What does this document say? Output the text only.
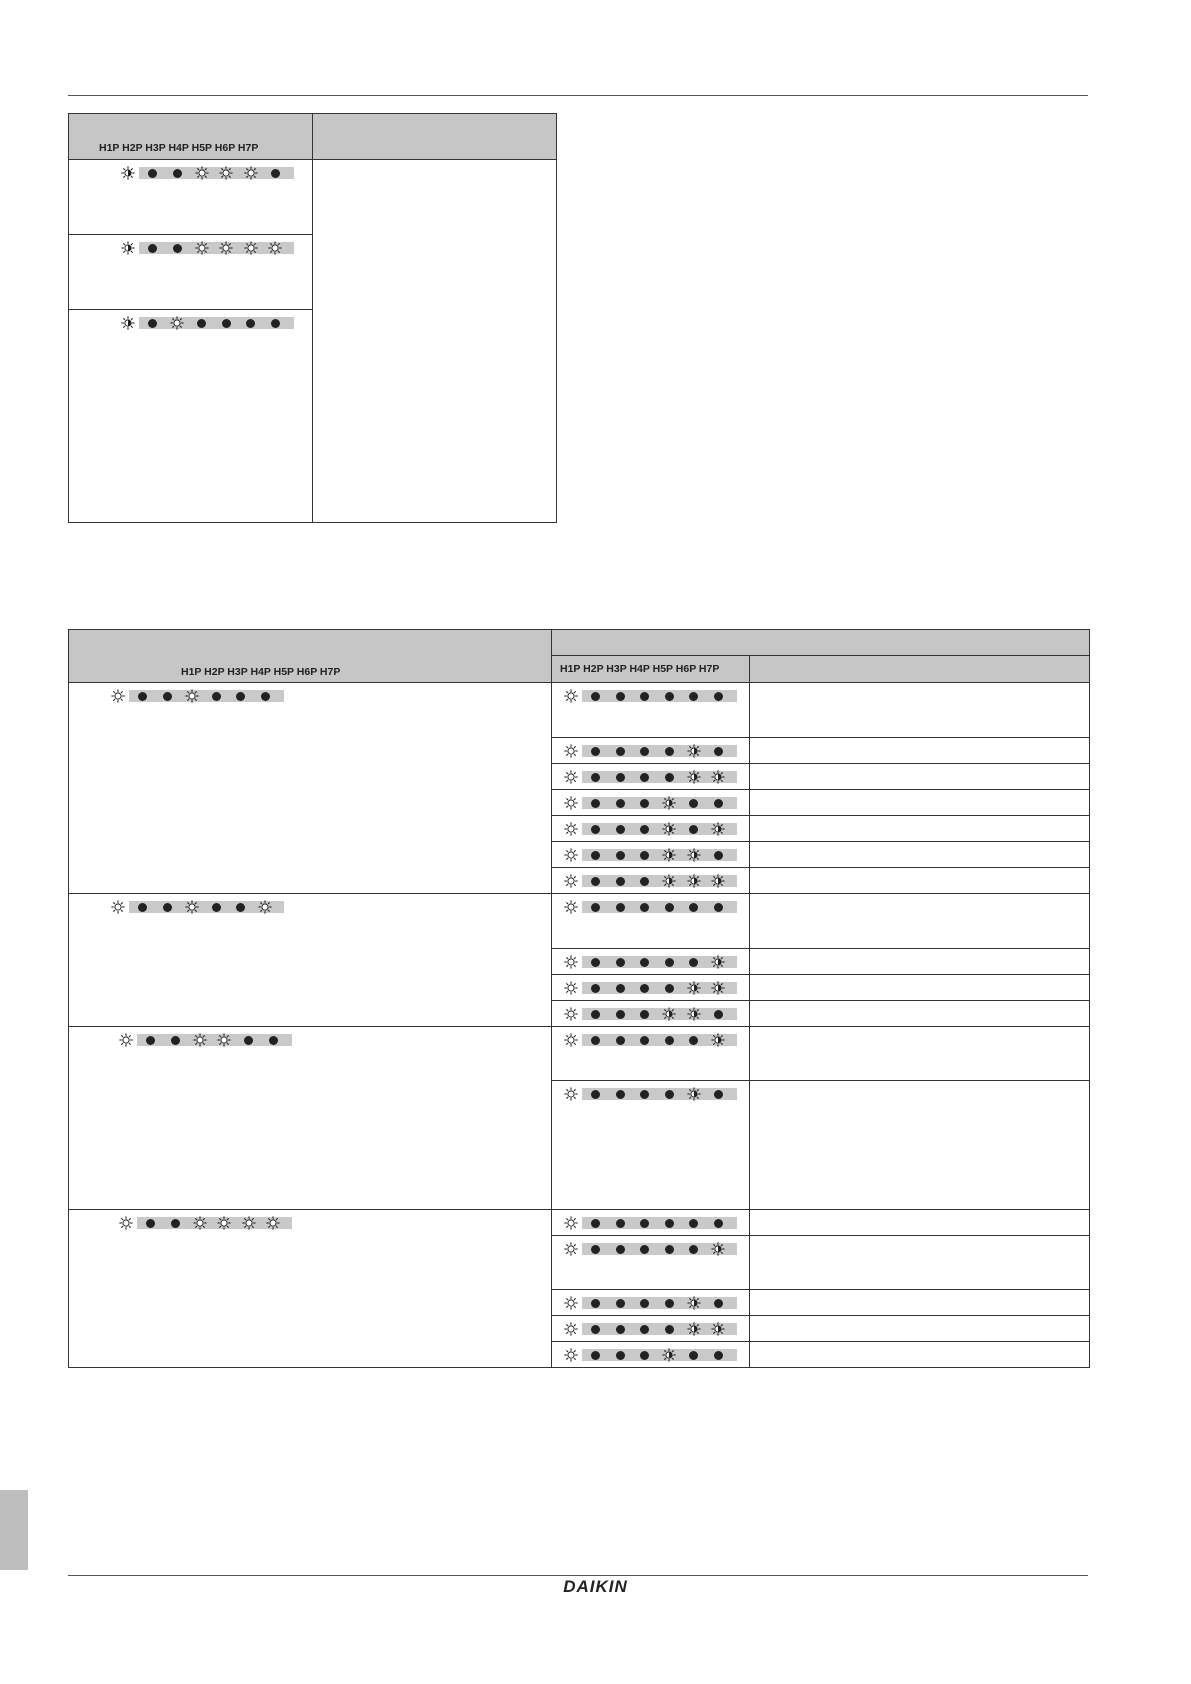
H1P H2P H3P H4P H5P H6P H7P	

H1P H2P H3P H4P H5P H6P H7P		

	H1P H2P H3P H4P H5P H6P H7P	

DAIKIN
